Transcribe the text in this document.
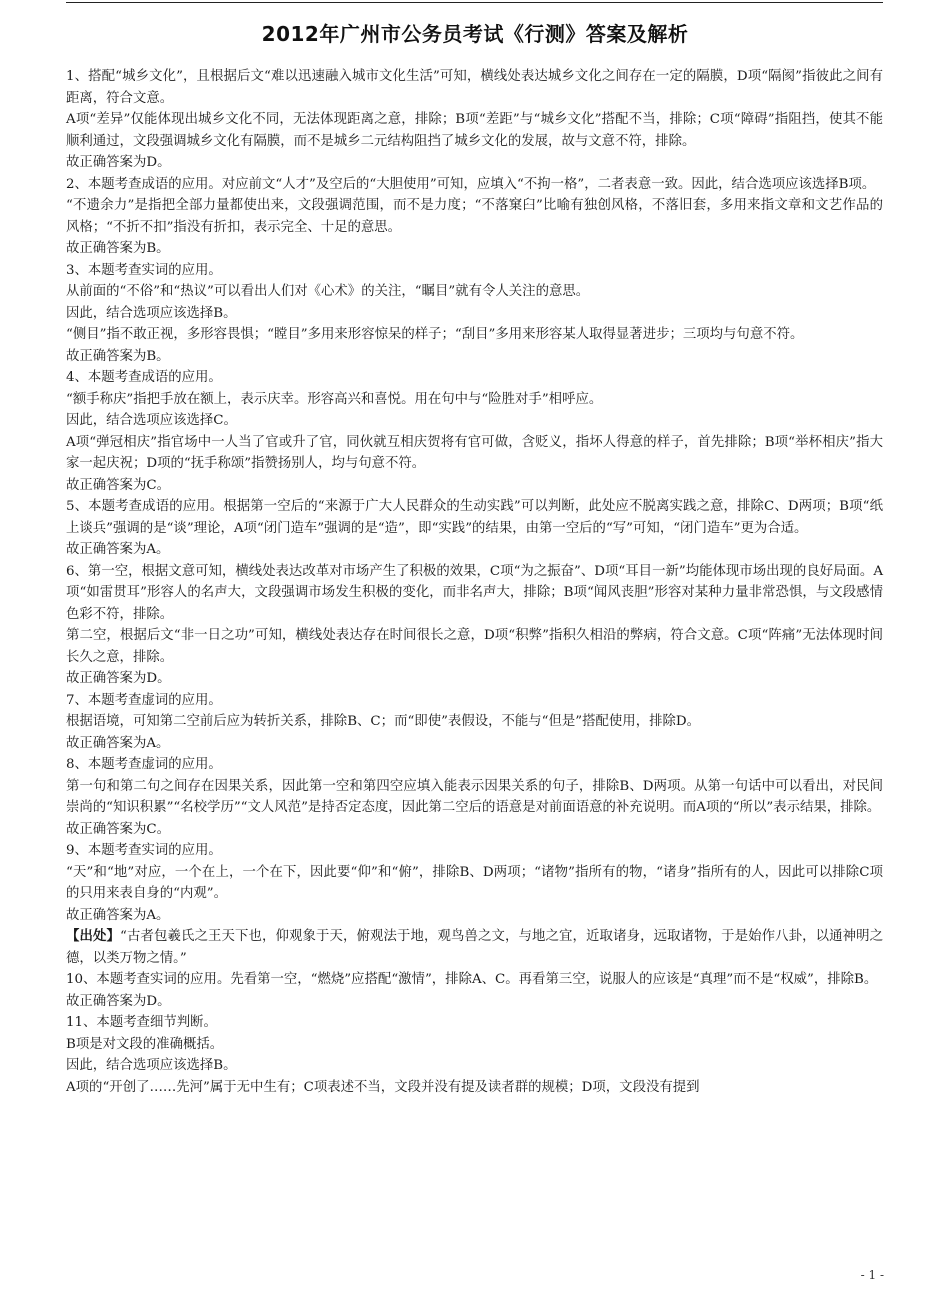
2012年广州市公务员考试《行测》答案及解析

1、搭配“城乡文化”，且根据后文“难以迅速融入城市文化生活”可知，横线处表达城乡文化之间存在一定的隔膜，D项“隔阂”指彼此之间有距离，符合文意。

A项“差异”仅能体现出城乡文化不同，无法体现距离之意，排除；B项“差距”与“城乡文化”搭配不当，排除；C项“障碍”指阻挡，使其不能顺利通过，文段强调城乡文化有隔膜，而不是城乡二元结构阻挡了城乡文化的发展，故与文意不符，排除。

故正确答案为D。

2、本题考查成语的应用。对应前文“人才”及空后的“大胆使用”可知，应填入“不拘一格”，二者表意一致。因此，结合选项应该选择B项。

“不遗余力”是指把全部力量都使出来，文段强调范围，而不是力度；“不落窠臼”比喻有独创风格，不落旧套，多用来指文章和文艺作品的风格；“不折不扣”指没有折扣，表示完全、十足的意思。

故正确答案为B。

3、本题考查实词的应用。

从前面的“不俗”和“热议”可以看出人们对《心术》的关注，“瞩目”就有令人关注的意思。

因此，结合选项应该选择B。

“侧目”指不敢正视，多形容畏惧；“瞠目”多用来形容惊呆的样子；“刮目”多用来形容某人取得显著进步；三项均与句意不符。

故正确答案为B。

4、本题考查成语的应用。

“额手称庆”指把手放在额上，表示庆幸。形容高兴和喜悦。用在句中与“险胜对手”相呼应。

因此，结合选项应该选择C。

A项“弹冠相庆”指官场中一人当了官或升了官，同伙就互相庆贺将有官可做，含贬义，指坏人得意的样子，首先排除；B项“举杯相庆”指大家一起庆祝；D项的“抚手称颂”指赞扬别人，均与句意不符。

故正确答案为C。

5、本题考查成语的应用。根据第一空后的“来源于广大人民群众的生动实践”可以判断，此处应不脱离实践之意，排除C、D两项；B项“纸上谈兵”强调的是“谈”理论，A项“闭门造车”强调的是“造”，即“实践”的结果，由第一空后的“写”可知，“闭门造车”更为合适。

故正确答案为A。

6、第一空，根据文意可知，横线处表达改革对市场产生了积极的效果，C项“为之振奋”、D项“耳目一新”均能体现市场出现的良好局面。A项“如雷贯耳”形容人的名声大，文段强调市场发生积极的变化，而非名声大，排除；B项“闻风丧胆”形容对某种力量非常恐惧，与文段感情色彩不符，排除。

第二空，根据后文“非一日之功”可知，横线处表达存在时间很长之意，D项“积弊”指积久相沿的弊病，符合文意。C项“阵痛”无法体现时间长久之意，排除。

故正确答案为D。

7、本题考查虚词的应用。

根据语境，可知第二空前后应为转折关系，排除B、C；而“即使”表假设，不能与“但是”搭配使用，排除D。

故正确答案为A。

8、本题考查虚词的应用。

第一句和第二句之间存在因果关系，因此第一空和第四空应填入能表示因果关系的句子，排除B、D两项。从第一句话中可以看出，对民间崇尚的“知识积累”“名校学历”“文人风范”是持否定态度，因此第二空后的语意是对前面语意的补充说明。而A项的“所以”表示结果，排除。

故正确答案为C。

9、本题考查实词的应用。

“天”和“地”对应，一个在上，一个在下，因此要“仰”和“俯”，排除B、D两项；“诸物”指所有的物，“诸身”指所有的人，因此可以排除C项的只用来表自身的“内观”。

故正确答案为A。

【出处】“古者包羲氏之王天下也，仰观象于天，俯观法于地，观鸟兽之文，与地之宜，近取诸身，远取诸物，于是始作八卦，以通神明之德，以类万物之情。”

10、本题考查实词的应用。先看第一空，“燃烧”应搭配“激情”，排除A、C。再看第三空，说服人的应该是“真理”而不是“权威”，排除B。

故正确答案为D。

11、本题考查细节判断。

B项是对文段的准确概括。

因此，结合选项应该选择B。

A项的“开创了……先河”属于无中生有；C项表述不当，文段并没有提及读者群的规模；D项，文段没有提到

- 1 -
